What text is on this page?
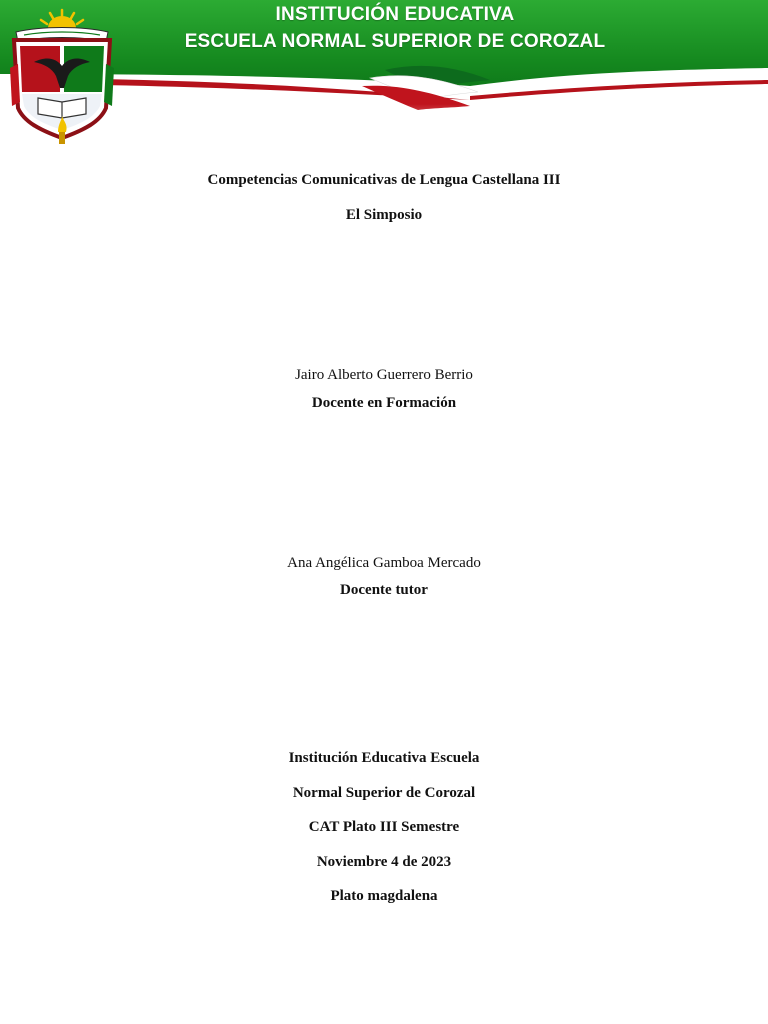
INSTITUCIÓN EDUCATIVA
ESCUELA NORMAL SUPERIOR DE COROZAL
Competencias Comunicativas de Lengua Castellana III
El Simposio
Jairo Alberto Guerrero Berrio
Docente en Formación
Ana Angélica Gamboa Mercado
Docente tutor
Institución Educativa Escuela
Normal Superior de Corozal
CAT Plato III Semestre
Noviembre 4 de 2023
Plato magdalena
